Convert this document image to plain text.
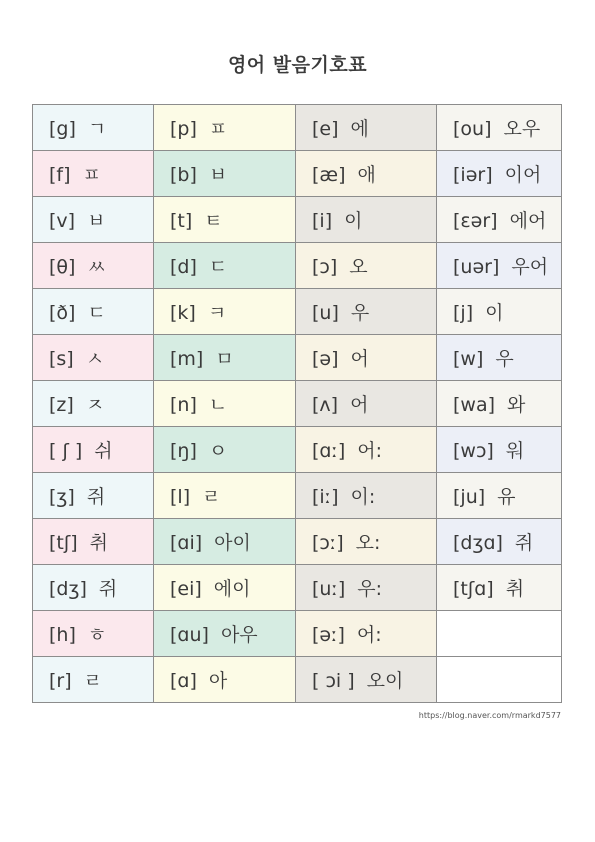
영어 발음기호표
[g] ㄱ	[p] ㅍ	[e] 에	[ou] 오우
[f] ㅍ	[b] ㅂ	[æ] 애	[iər] 이어
[v] ㅂ	[t] ㅌ	[i] 이	[ɛər] 에어
[θ] ㅆ	[d] ㄷ	[ɔ] 오	[uər] 우어
[ð] ㄷ	[k] ㅋ	[u] 우	[j] 이
[s] ㅅ	[m] ㅁ	[ə] 어	[w] 우
[z] ㅈ	[n] ㄴ	[ʌ] 어	[wa] 와
[ ʃ ] 쉬	[ŋ] ㅇ	[ɑː] 어:	[wɔ] 워
[ʒ] 쥐	[l] ㄹ	[iː] 이:	[ju] 유
[tʃ] 취	[ɑi] 아이	[ɔː] 오:	[dʒɑ] 쥐
[dʒ] 쥐	[ei] 에이	[uː] 우:	[tʃɑ] 취
[h] ㅎ	[ɑu] 아우	[əː] 어:	
[r] ㄹ	[ɑ] 아	[ ɔi ] 오이	
https://blog.naver.com/rmarkd7577
